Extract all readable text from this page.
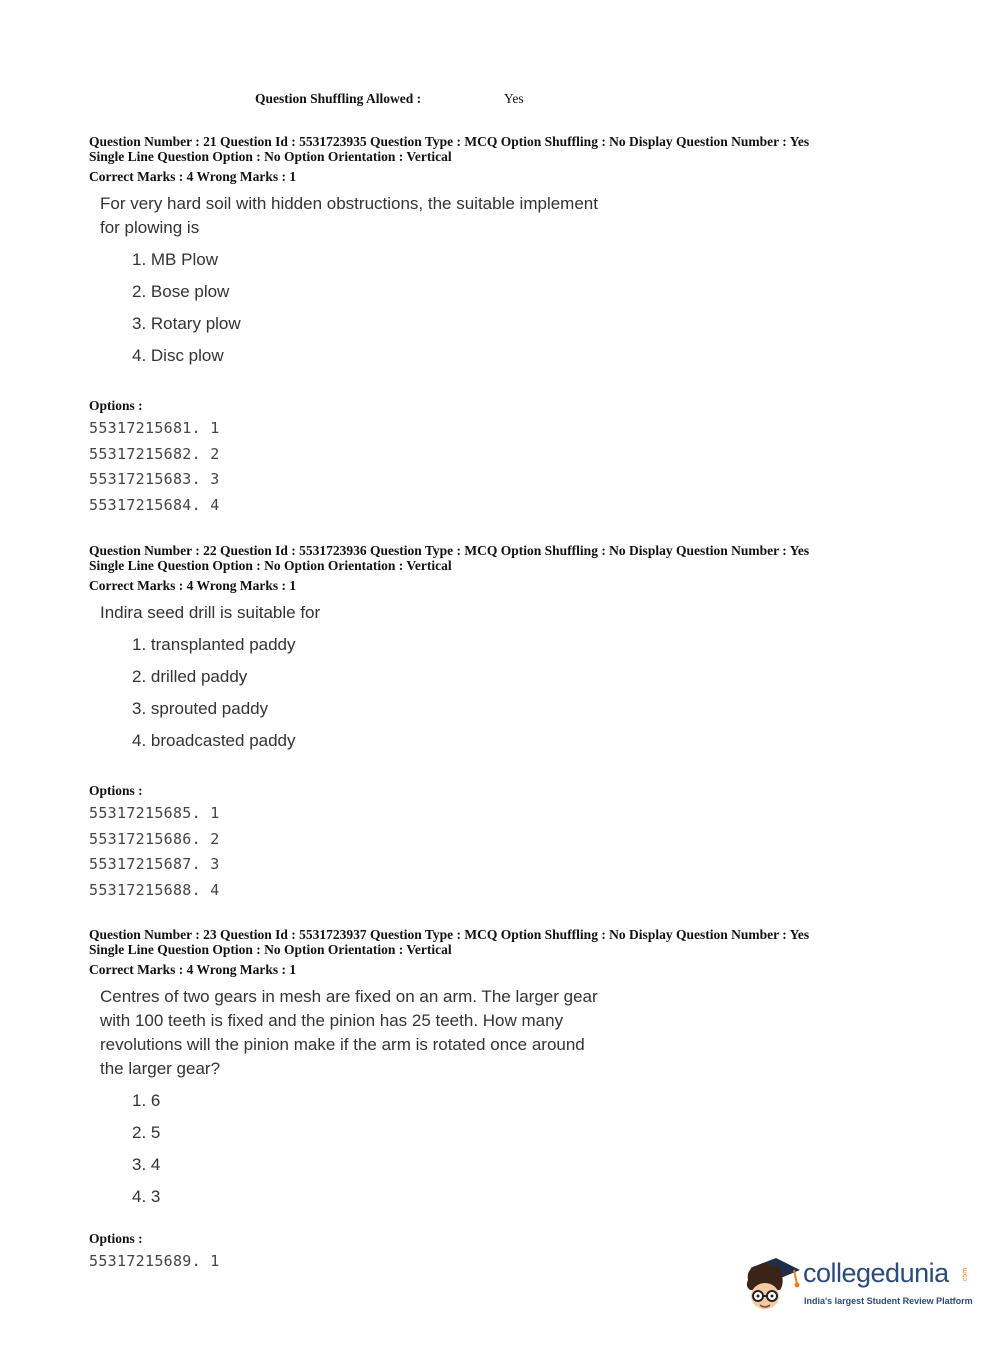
Question Shuffling Allowed :	Yes
Question Number : 21 Question Id : 5531723935 Question Type : MCQ Option Shuffling : No Display Question Number : Yes
Single Line Question Option : No Option Orientation : Vertical
Correct Marks : 4 Wrong Marks : 1
For very hard soil with hidden obstructions, the suitable implement
for plowing is
1. MB Plow
2. Bose plow
3. Rotary plow
4. Disc plow
Options :
55317215681. 1
55317215682. 2
55317215683. 3
55317215684. 4
Question Number : 22 Question Id : 5531723936 Question Type : MCQ Option Shuffling : No Display Question Number : Yes
Single Line Question Option : No Option Orientation : Vertical
Correct Marks : 4 Wrong Marks : 1
Indira seed drill is suitable for
1. transplanted paddy
2. drilled paddy
3. sprouted paddy
4. broadcasted paddy
Options :
55317215685. 1
55317215686. 2
55317215687. 3
55317215688. 4
Question Number : 23 Question Id : 5531723937 Question Type : MCQ Option Shuffling : No Display Question Number : Yes
Single Line Question Option : No Option Orientation : Vertical
Correct Marks : 4 Wrong Marks : 1
Centres of two gears in mesh are fixed on an arm. The larger gear
with 100 teeth is fixed and the pinion has 25 teeth. How many
revolutions will the pinion make if the arm is rotated once around
the larger gear?
1. 6
2. 5
3. 4
4. 3
Options :
55317215689. 1	collegedunia .com
India's largest Student Review Platform
